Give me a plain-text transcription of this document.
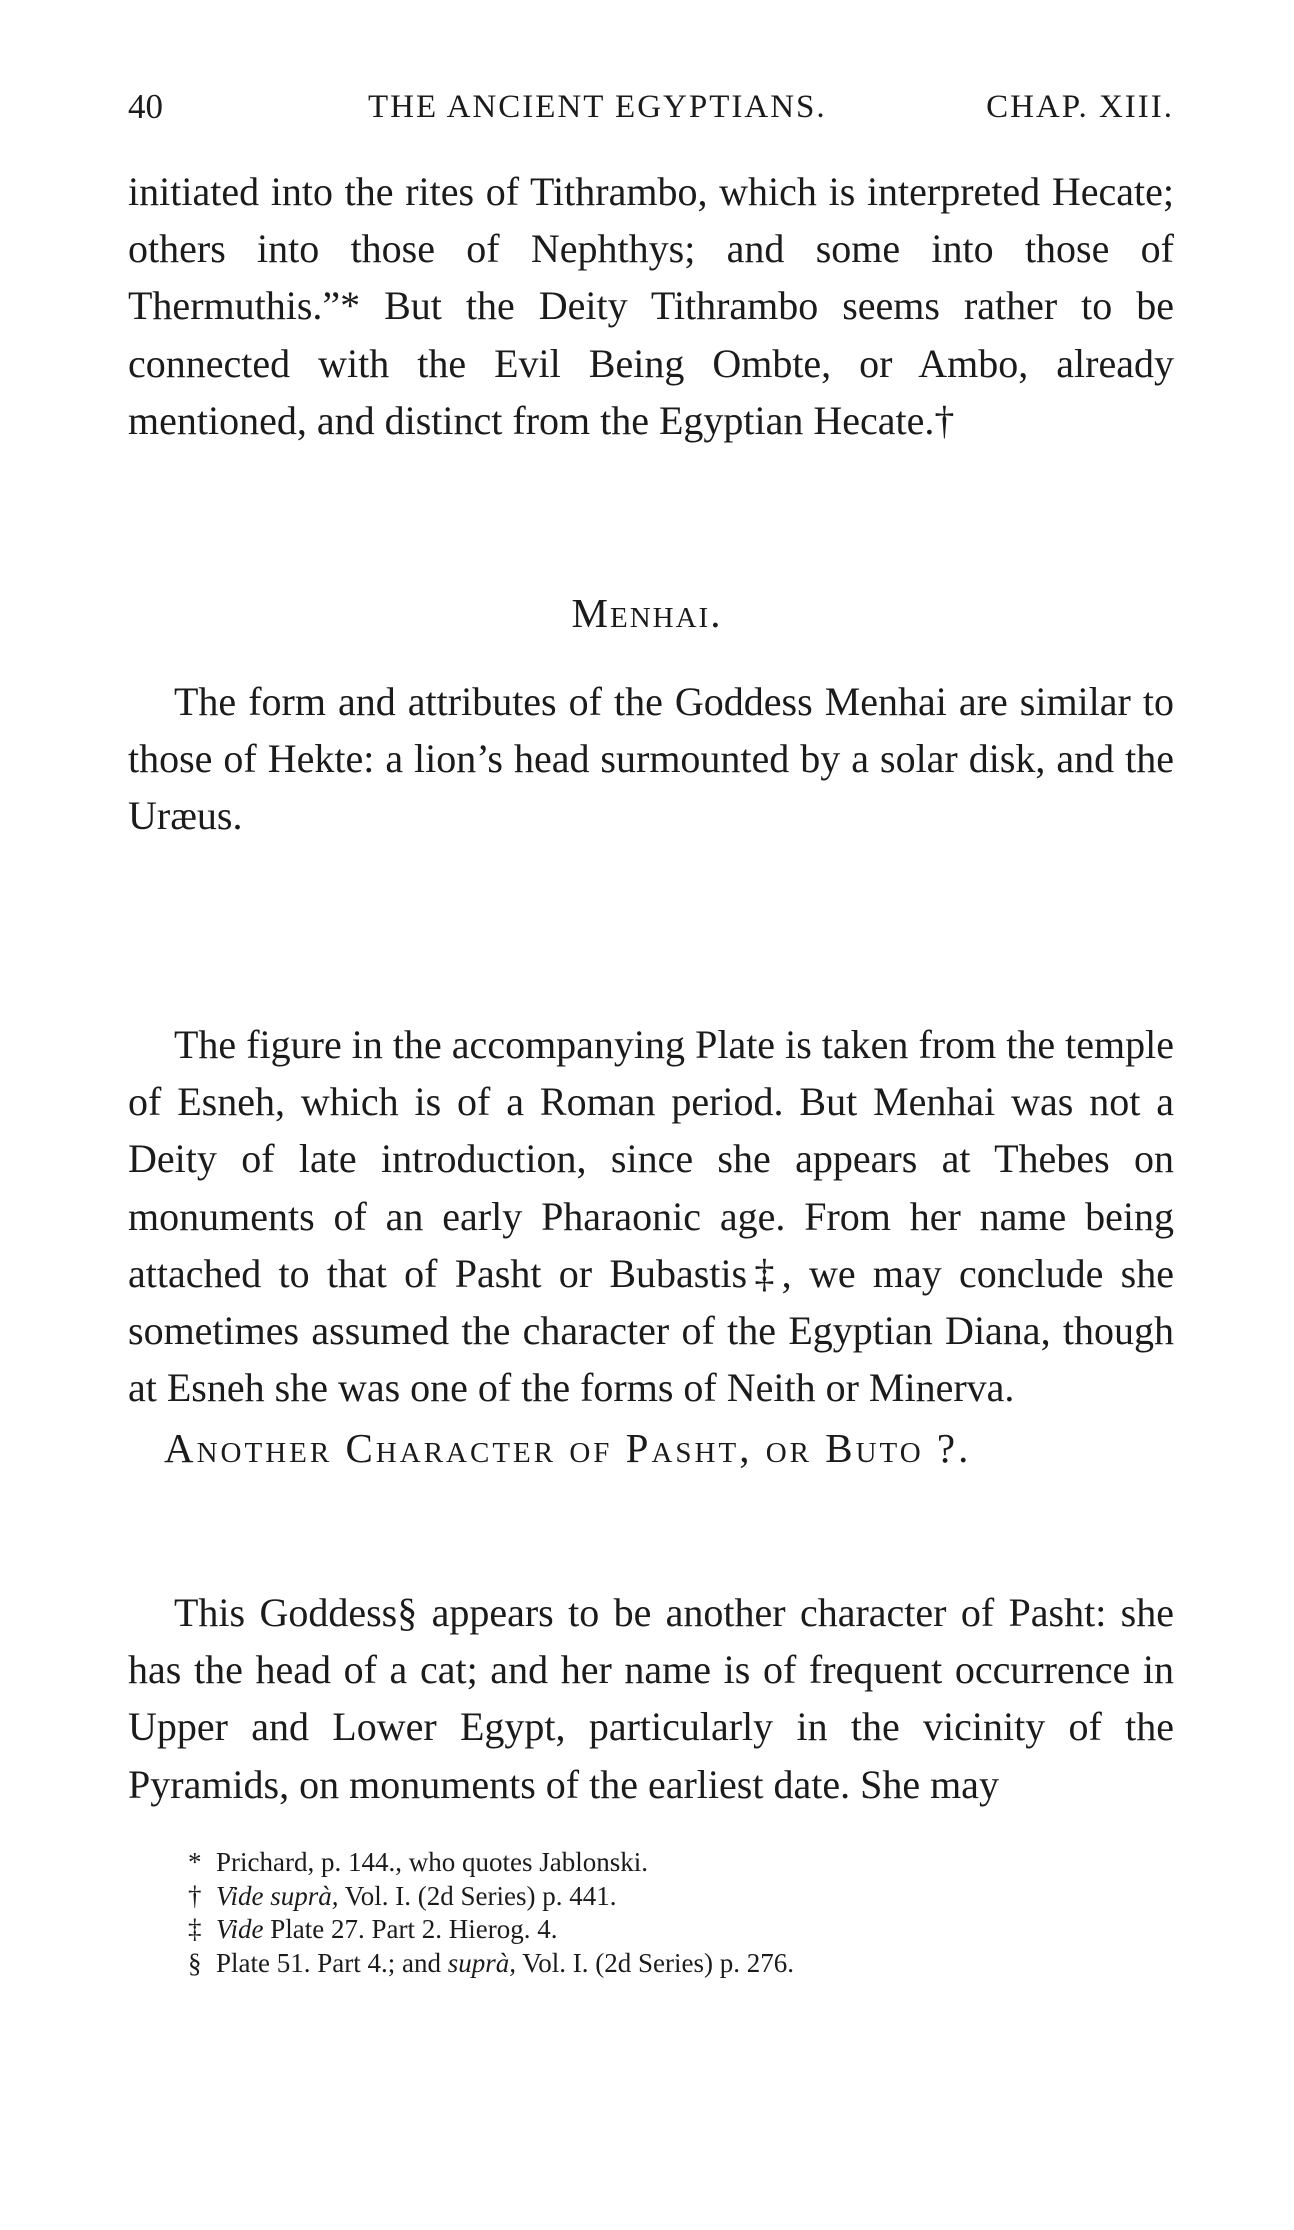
40	THE ANCIENT EGYPTIANS.	CHAP. XIII.

initiated into the rites of Tithrambo, which is interpreted Hecate; others into those of Nephthys; and some into those of Thermuthis.”* But the Deity Tithrambo seems rather to be connected with the Evil Being Ombte, or Ambo, already mentioned, and distinct from the Egyptian Hecate.†

Menhai.

The form and attributes of the Goddess Menhai are similar to those of Hekte: a lion’s head surmounted by a solar disk, and the Uræus.

The figure in the accompanying Plate is taken from the temple of Esneh, which is of a Roman period. But Menhai was not a Deity of late introduction, since she appears at Thebes on monuments of an early Pharaonic age. From her name being attached to that of Pasht or Bubastis‡, we may conclude she sometimes assumed the character of the Egyptian Diana, though at Esneh she was one of the forms of Neith or Minerva.

Another Character of Pasht, or Buto ?.

This Goddess§ appears to be another character of Pasht: she has the head of a cat; and her name is of frequent occurrence in Upper and Lower Egypt, particularly in the vicinity of the Pyramids, on monuments of the earliest date. She may

* Prichard, p. 144., who quotes Jablonski.
† Vide suprà, Vol. I. (2d Series) p. 441.
‡ Vide Plate 27. Part 2. Hierog. 4.
§ Plate 51. Part 4.; and suprà, Vol. I. (2d Series) p. 276.
